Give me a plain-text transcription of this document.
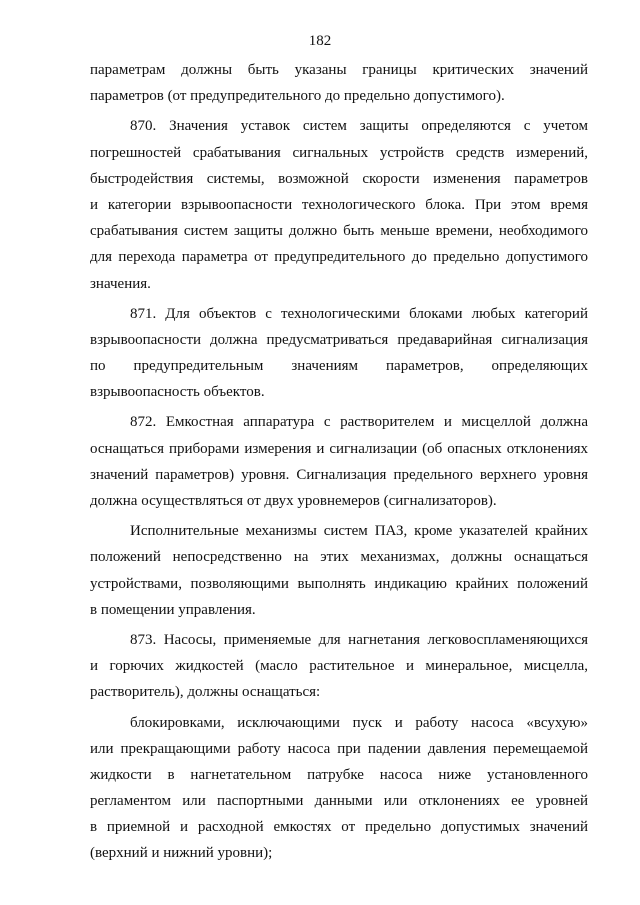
182
параметрам должны быть указаны границы критических значений
параметров (от предупредительного до предельно допустимого).
870. Значения уставок систем защиты определяются с учетом
погрешностей срабатывания сигнальных устройств средств измерений,
быстродействия системы, возможной скорости изменения параметров
и категории взрывоопасности технологического блока. При этом время
срабатывания систем защиты должно быть меньше времени, необходимого
для перехода параметра от предупредительного до предельно допустимого
значения.
871. Для объектов с технологическими блоками любых категорий
взрывоопасности должна предусматриваться предаварийная сигнализация
по предупредительным значениям параметров, определяющих
взрывоопасность объектов.
872. Емкостная аппаратура с растворителем и мисцеллой должна
оснащаться приборами измерения и сигнализации (об опасных отклонениях
значений параметров) уровня. Сигнализация предельного верхнего уровня
должна осуществляться от двух уровнемеров (сигнализаторов).
Исполнительные механизмы систем ПАЗ, кроме указателей крайних
положений непосредственно на этих механизмах, должны оснащаться
устройствами, позволяющими выполнять индикацию крайних положений
в помещении управления.
873. Насосы, применяемые для нагнетания легковоспламеняющихся
и горючих жидкостей (масло растительное и минеральное, мисцелла,
растворитель), должны оснащаться:
блокировками, исключающими пуск и работу насоса «всухую»
или прекращающими работу насоса при падении давления перемещаемой
жидкости в нагнетательном патрубке насоса ниже установленного
регламентом или паспортными данными или отклонениях ее уровней
в приемной и расходной емкостях от предельно допустимых значений
(верхний и нижний уровни);
